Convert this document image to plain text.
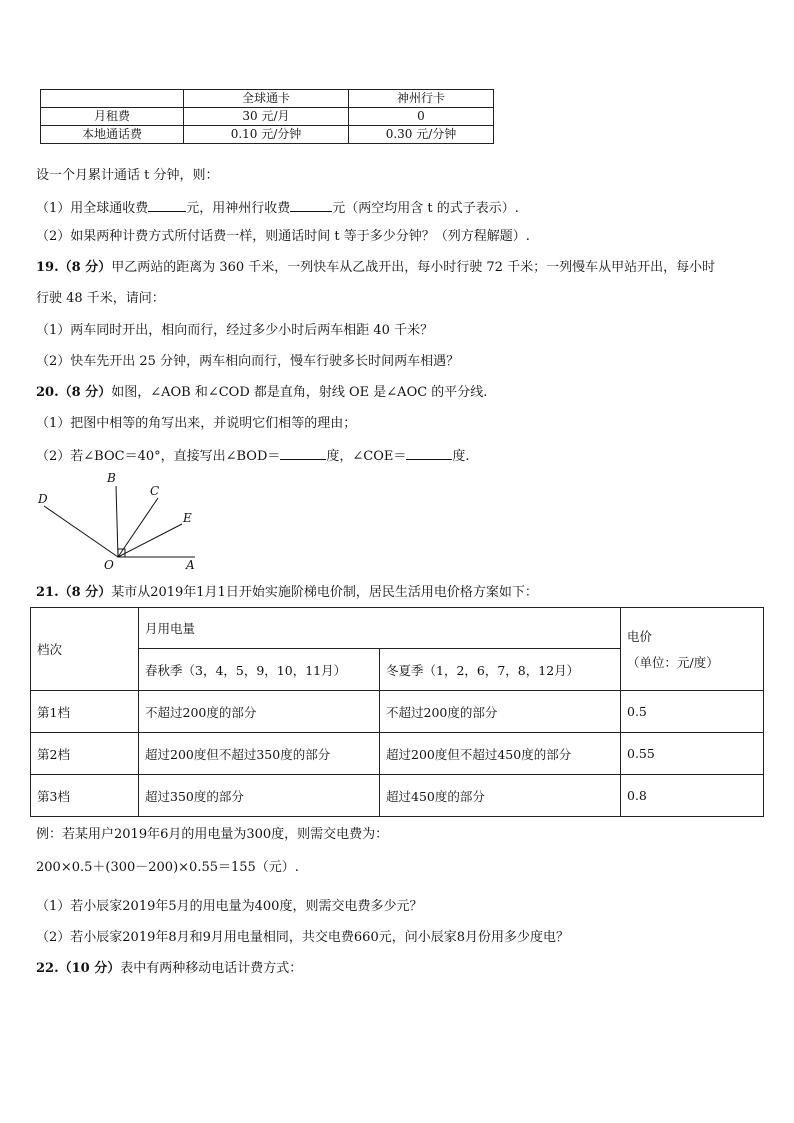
	全球通卡	神州行卡
月租费	30 元/月	0
本地通话费	0.10 元/分钟	0.30 元/分钟
设一个月累计通话 t 分钟，则：
（1）用全球通收费	元，用神州行收费	元（两空均用含 t 的式子表示）.
（2）如果两种计费方式所付话费一样，则通话时间 t 等于多少分钟？（列方程解题）.
19.（8 分）甲乙两站的距离为 360 千米，一列快车从乙战开出，每小时行驶 72 千米；一列慢车从甲站开出，每小时
行驶 48 千米，请问：
（1）两车同时开出，相向而行，经过多少小时后两车相距 40 千米？
（2）快车先开出 25 分钟，两车相向而行，慢车行驶多长时间两车相遇？
20.（8 分）如图，∠AOB 和∠COD 都是直角，射线 OE 是∠AOC 的平分线.
（1）把图中相等的角写出来，并说明它们相等的理由；
（2）若∠BOC＝40°，直接写出∠BOD＝	度，∠COE＝	度.
B
C
D
E
O	A
21.（8 分）某市从2019年1月1日开始实施阶梯电价制，居民生活用电价格方案如下：
档次	月用电量		电价
（单位：元/度）

	春秋季（3，4，5，9，10，11月）	冬夏季（1，2，6，7，8，12月）	
第1档	不超过200度的部分	不超过200度的部分	0.5
第2档	超过200度但不超过350度的部分	超过200度但不超过450度的部分	0.55
第3档	超过350度的部分	超过450度的部分	0.8
例：若某用户2019年6月的用电量为300度，则需交电费为：
200×0.5＋(300－200)×0.55＝155（元）.
（1）若小辰家2019年5月的用电量为400度，则需交电费多少元？
（2）若小辰家2019年8月和9月用电量相同，共交电费660元，问小辰家8月份用多少度电？
22.（10 分）表中有两种移动电话计费方式：
